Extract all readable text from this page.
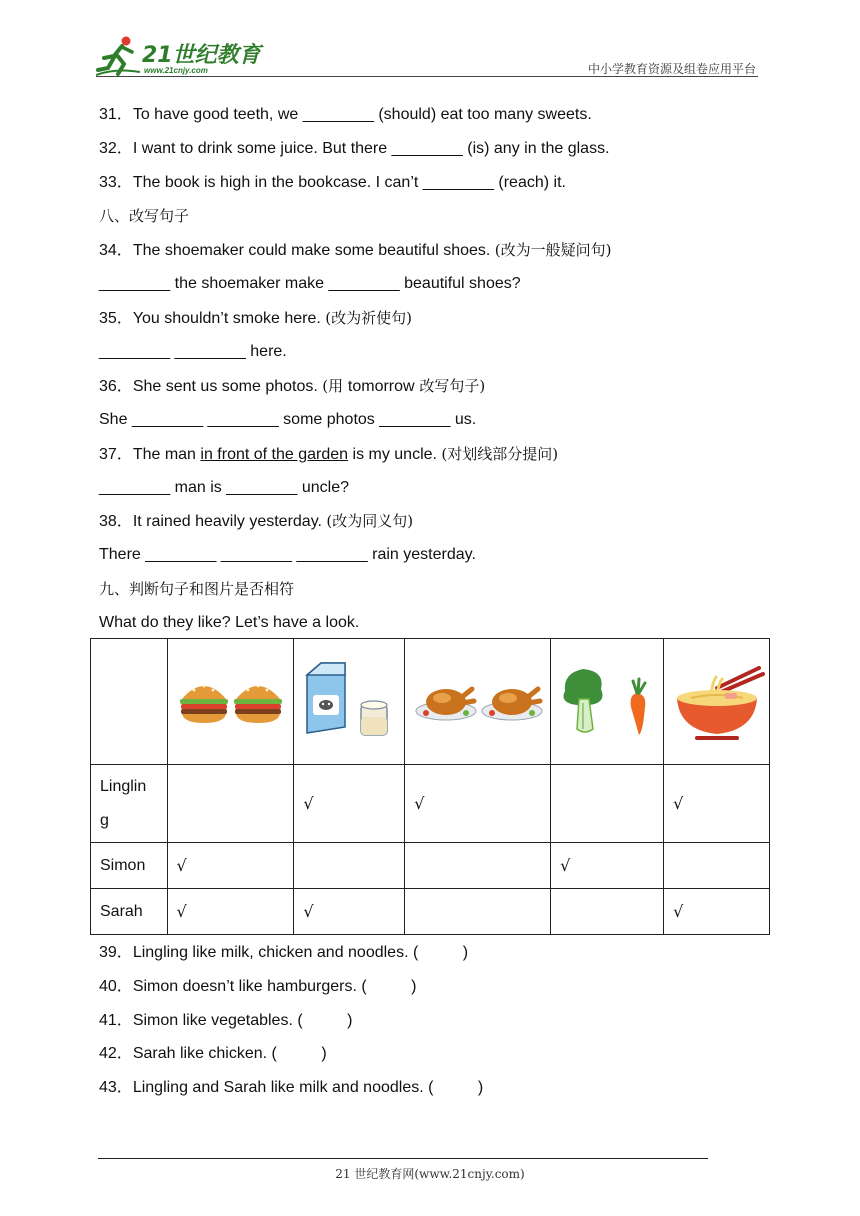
21世纪教育
www.21cnjy.com	中小学教育资源及组卷应用平台
31．To have good teeth, we ________ (should) eat too many sweets.
32．I want to drink some juice. But there ________ (is) any in the glass.
33．The book is high in the bookcase. I can’t ________ (reach) it.
八、改写句子
34．The shoemaker could make some beautiful shoes. (改为一般疑问句)
________ the shoemaker make ________ beautiful shoes?
35．You shouldn’t smoke here. (改为祈使句)
________ ________ here.
36．She sent us some photos. (用 tomorrow 改写句子)
She ________ ________ some photos ________ us.
37．The man in front of the garden is my uncle. (对划线部分提问)
________ man is ________ uncle?
38．It rained heavily yesterday. (改为同义句)
There ________ ________ ________ rain yesterday.
九、判断句子和图片是否相符
What do they like? Let’s have a look.

Linglin
g		√	√		√
Simon	√			√	
Sarah	√	√			√
39．Lingling like milk, chicken and noodles. (          )
40．Simon doesn’t like hamburgers. (          )
41．Simon like vegetables. (          )
42．Sarah like chicken. (          )
43．Lingling and Sarah like milk and noodles. (          )
21 世纪教育网(www.21cnjy.com)
